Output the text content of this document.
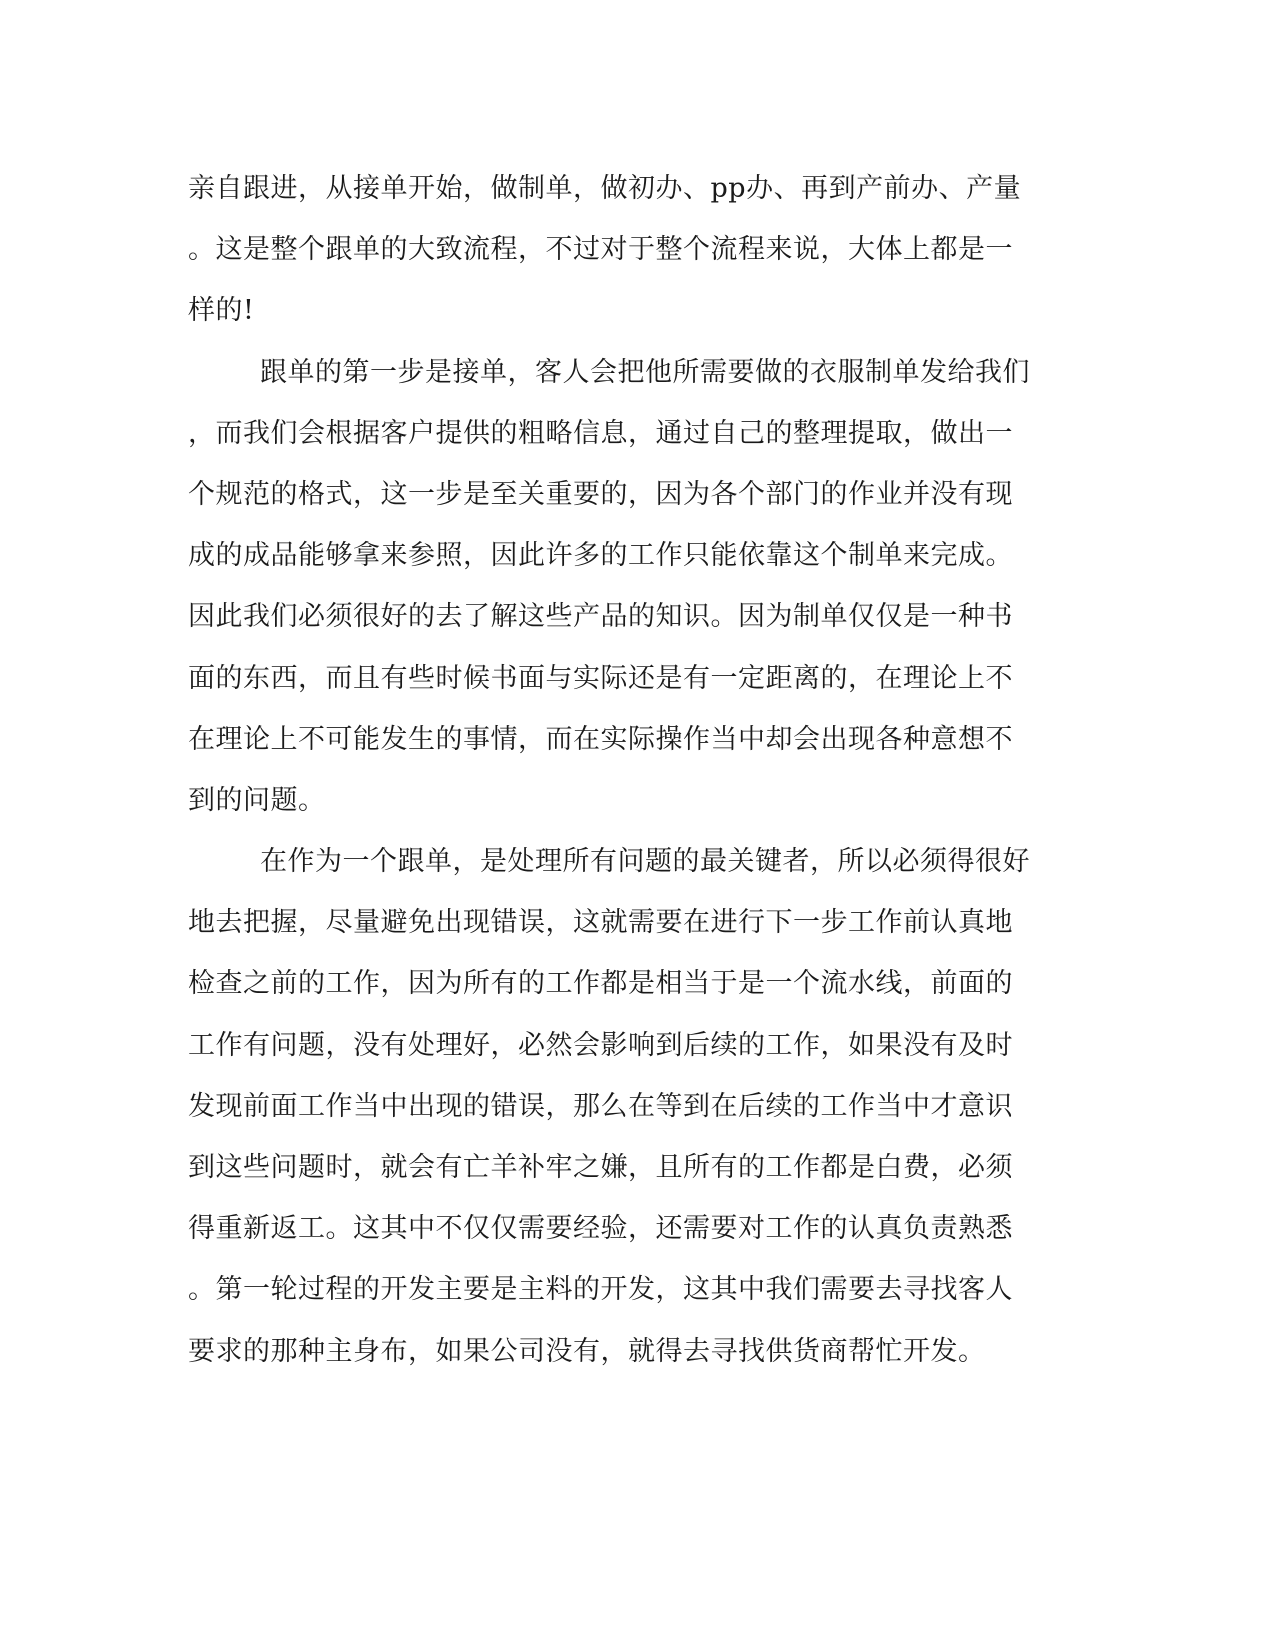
亲自跟进，从接单开始，做制单，做初办、pp办、再到产前办、产量
。这是整个跟单的大致流程，不过对于整个流程来说，大体上都是一
样的!
跟单的第一步是接单，客人会把他所需要做的衣服制单发给我们
，而我们会根据客户提供的粗略信息，通过自己的整理提取，做出一
个规范的格式，这一步是至关重要的，因为各个部门的作业并没有现
成的成品能够拿来参照，因此许多的工作只能依靠这个制单来完成。
因此我们必须很好的去了解这些产品的知识。因为制单仅仅是一种书
面的东西，而且有些时候书面与实际还是有一定距离的，在理论上不
在理论上不可能发生的事情，而在实际操作当中却会出现各种意想不
到的问题。
在作为一个跟单，是处理所有问题的最关键者，所以必须得很好
地去把握，尽量避免出现错误，这就需要在进行下一步工作前认真地
检查之前的工作，因为所有的工作都是相当于是一个流水线，前面的
工作有问题，没有处理好，必然会影响到后续的工作，如果没有及时
发现前面工作当中出现的错误，那么在等到在后续的工作当中才意识
到这些问题时，就会有亡羊补牢之嫌，且所有的工作都是白费，必须
得重新返工。这其中不仅仅需要经验，还需要对工作的认真负责熟悉
。第一轮过程的开发主要是主料的开发，这其中我们需要去寻找客人
要求的那种主身布，如果公司没有，就得去寻找供货商帮忙开发。
